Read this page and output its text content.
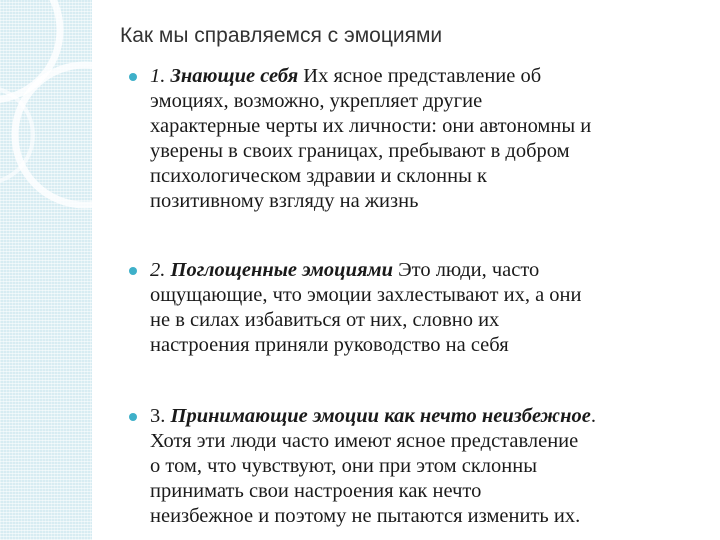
Как мы справляемся с эмоциями
1. Знающие себя Их ясное представление об
эмоциях, возможно, укрепляет другие
характерные черты их личности: они автономны и
уверены в своих границах, пребывают в добром
психологическом здравии и склонны к
позитивному взгляду на жизнь
2. Поглощенные эмоциями Это люди, часто
ощущающие, что эмоции захлестывают их, а они
не в силах избавиться от них, словно их
настроения приняли руководство на себя
3. Принимающие эмоции как нечто неизбежное.
Хотя эти люди часто имеют ясное представление
о том, что чувствуют, они при этом склонны
принимать свои настроения как нечто
неизбежное и поэтому не пытаются изменить их.
